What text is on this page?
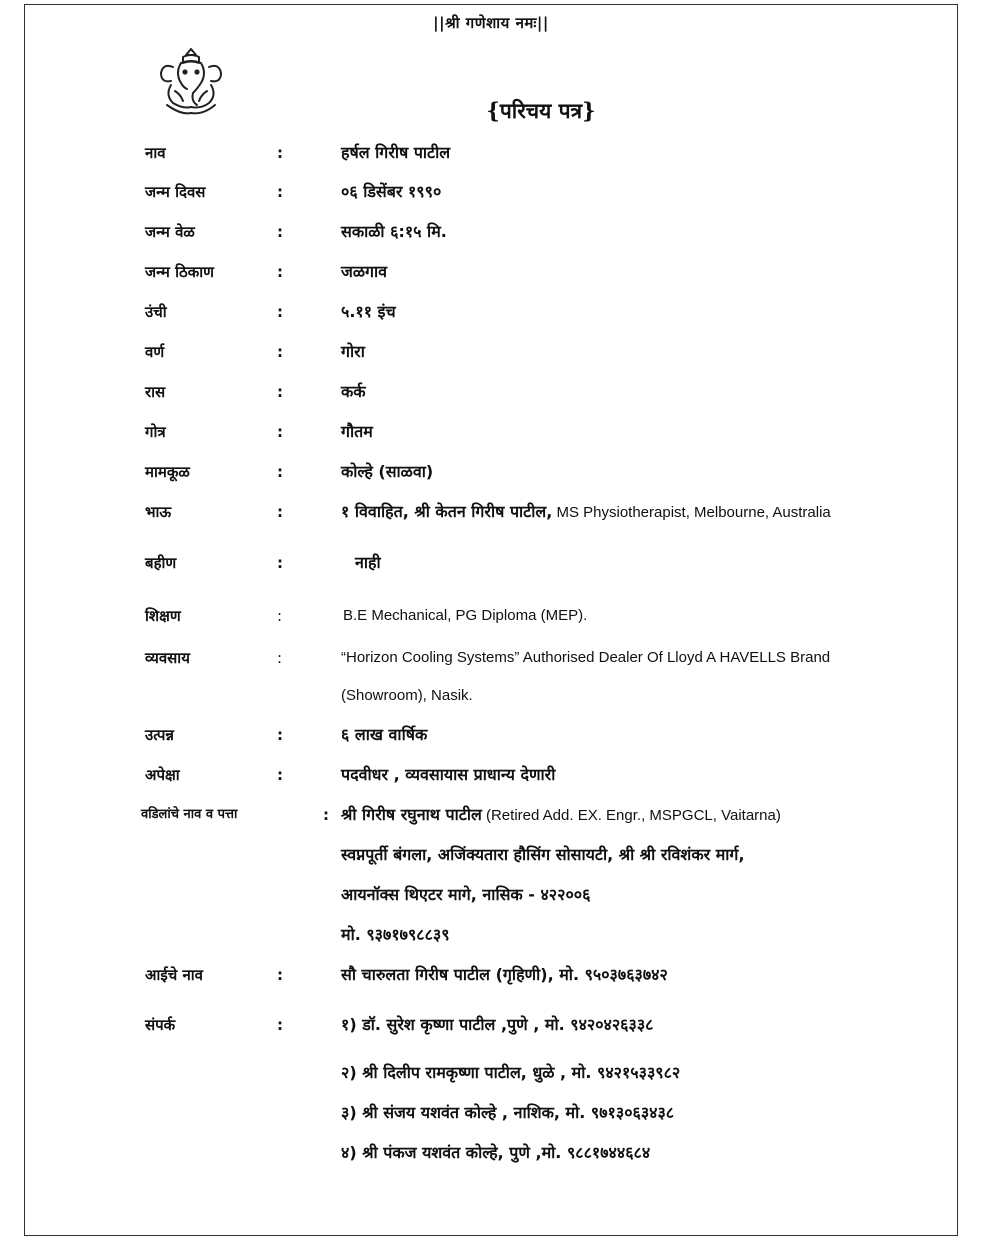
||श्री गणेशाय नमः||
{परिचय पत्र}
नाव	:	हर्षल गिरीष पाटील
जन्म दिवस	:	०६ डिसेंबर १९९०
जन्म वेळ	:	सकाळी ६:१५ मि.
जन्म ठिकाण	:	जळगाव
उंची	:	५.११ इंच
वर्ण	:	गोरा
रास	:	कर्क
गोत्र	:	गौतम
मामकूळ	:	कोल्हे (साळवा)
भाऊ	:	१ विवाहित, श्री केतन गिरीष पाटील, MS Physiotherapist, Melbourne, Australia
बहीण	:	नाही
शिक्षण	:	B.E Mechanical, PG Diploma (MEP).
व्यवसाय	:	“Horizon Cooling Systems” Authorised Dealer Of Lloyd A HAVELLS Brand
(Showroom), Nasik.
उत्पन्न	:	६ लाख वार्षिक
अपेक्षा	:	पदवीधर , व्यवसायास प्राधान्य देणारी
वडिलांचे नाव व पत्ता	: श्री गिरीष रघुनाथ पाटील (Retired Add. EX. Engr., MSPGCL, Vaitarna)
स्वप्नपूर्ती बंगला, अजिंक्यतारा हौसिंग सोसायटी, श्री श्री रविशंकर मार्ग,
आयनॉक्स थिएटर मागे, नासिक - ४२२००६
मो. ९३७१७९८८३९
आईचे नाव	:	सौ चारुलता गिरीष पाटील (गृहिणी), मो. ९५०३७६३७४२
संपर्क	:	१) डॉ. सुरेश कृष्णा पाटील ,पुणे , मो. ९४२०४२६३३८
२) श्री दिलीप रामकृष्णा पाटील, धुळे , मो. ९४२१५३३९८२
३) श्री संजय यशवंत कोल्हे , नाशिक, मो. ९७१३०६३४३८
४) श्री पंकज यशवंत कोल्हे, पुणे ,मो. ९८८१७४४६८४
